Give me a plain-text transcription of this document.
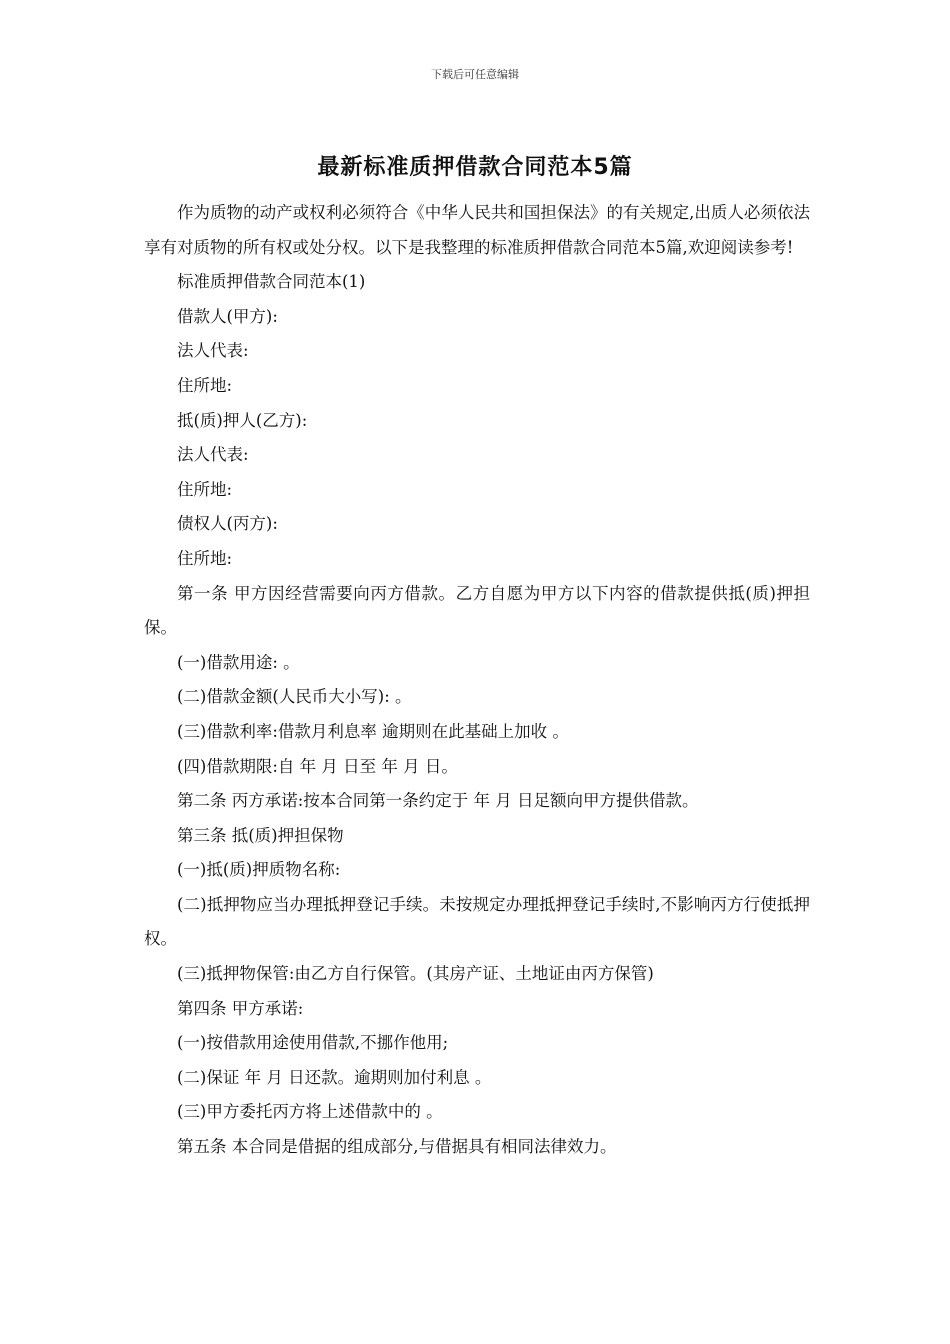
下载后可任意编辑
最新标准质押借款合同范本5篇

作为质物的动产或权利必须符合《中华人民共和国担保法》的有关规定,出质人必须依法享有对质物的所有权或处分权。以下是我整理的标准质押借款合同范本5篇,欢迎阅读参考!

标准质押借款合同范本(1)

借款人(甲方):

法人代表:

住所地:

抵(质)押人(乙方):

法人代表:

住所地:

债权人(丙方):

住所地:

第一条 甲方因经营需要向丙方借款。乙方自愿为甲方以下内容的借款提供抵(质)押担保。

(一)借款用途: 。

(二)借款金额(人民币大小写): 。

(三)借款利率:借款月利息率 逾期则在此基础上加收 。

(四)借款期限:自 年 月 日至 年 月 日。

第二条 丙方承诺:按本合同第一条约定于 年 月 日足额向甲方提供借款。

第三条 抵(质)押担保物

(一)抵(质)押质物名称:

(二)抵押物应当办理抵押登记手续。未按规定办理抵押登记手续时,不影响丙方行使抵押权。

(三)抵押物保管:由乙方自行保管。(其房产证、土地证由丙方保管)

第四条 甲方承诺:

(一)按借款用途使用借款,不挪作他用;

(二)保证 年 月 日还款。逾期则加付利息 。

(三)甲方委托丙方将上述借款中的 。

第五条 本合同是借据的组成部分,与借据具有相同法律效力。
